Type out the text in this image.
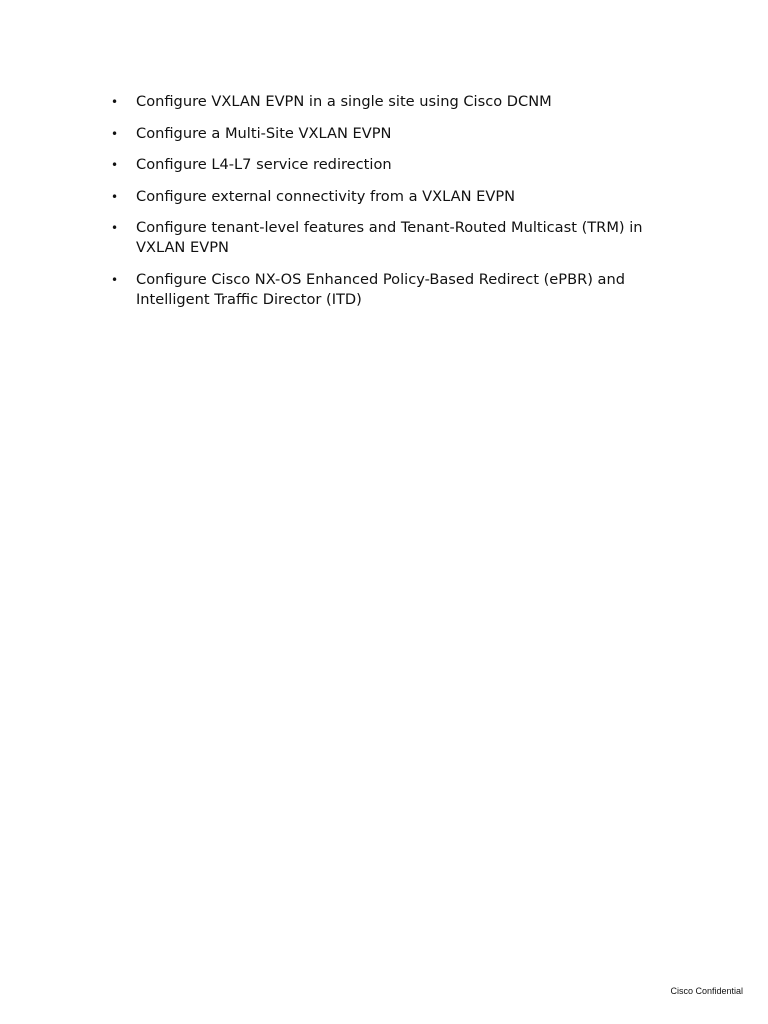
• Configure VXLAN EVPN in a single site using Cisco DCNM
• Configure a Multi-Site VXLAN EVPN
• Configure L4-L7 service redirection
• Configure external connectivity from a VXLAN EVPN
• Configure tenant-level features and Tenant-Routed Multicast (TRM) in VXLAN EVPN
• Configure Cisco NX-OS Enhanced Policy-Based Redirect (ePBR) and Intelligent Traffic Director (ITD)
Cisco Confidential
